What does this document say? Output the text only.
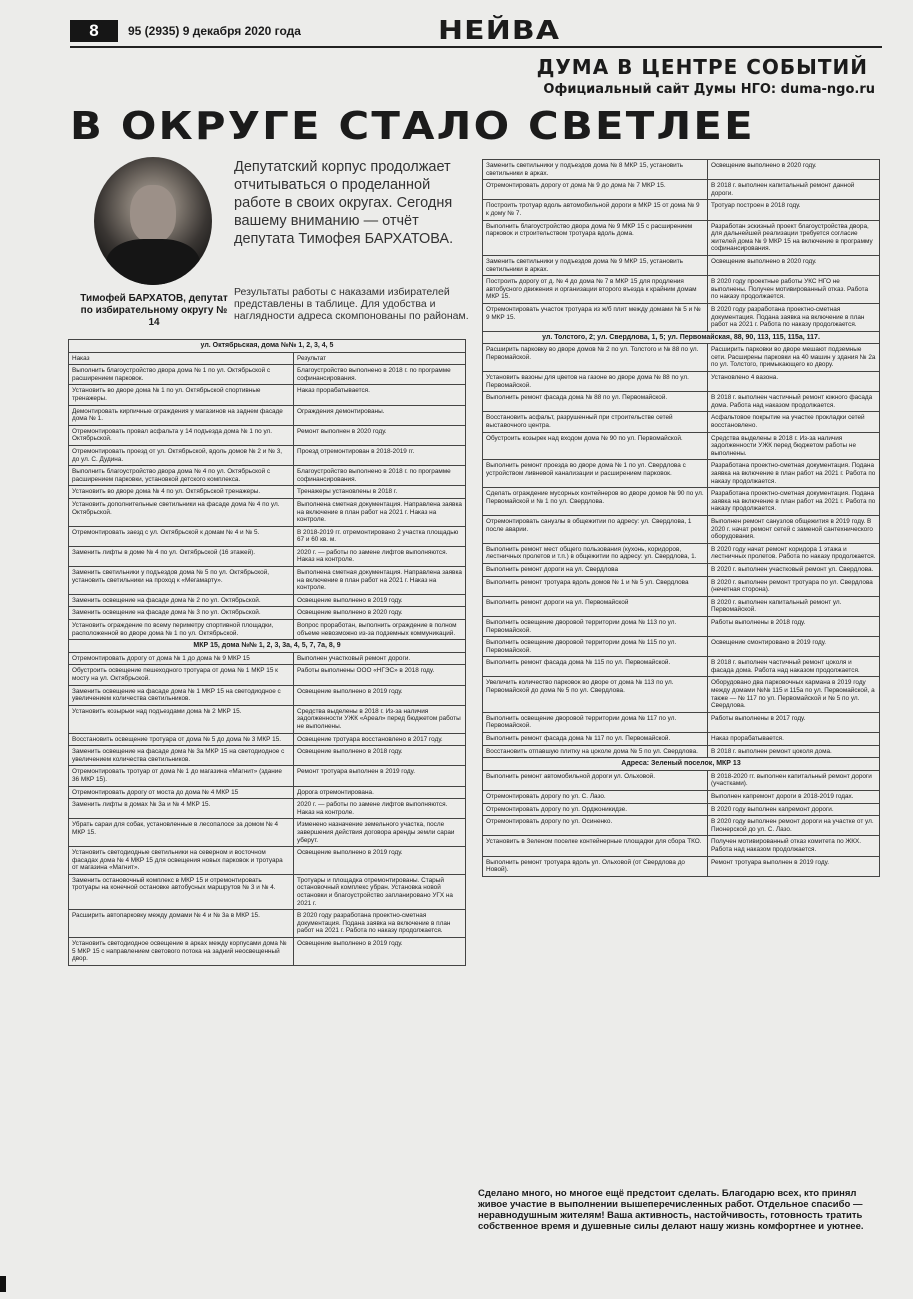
8	95 (2935) 9 декабря 2020 года	НЕЙВА
ДУМА В ЦЕНТРЕ СОБЫТИЙ
Официальный сайт Думы НГО: duma-ngo.ru
В ОКРУГЕ СТАЛО СВЕТЛЕЕ
Тимофей БАРХАТОВ, депутат по избирательному округу № 14
Депутатский корпус продолжает отчитываться о проделанной работе в своих округах. Сегодня вашему вниманию — отчёт депутата Тимофея БАРХАТОВА.
Результаты работы с наказами избирателей представлены в таблице. Для удобства и наглядности адреса скомпонованы по районам.
ул. Октябрьская, дома №№ 1, 2, 3, 4, 5	
Наказ	Результат
Выполнить благоустройство двора дома № 1 по ул. Октябрьской с расширением парковок.	Благоустройство выполнено в 2018 г. по программе софинансирования.
Установить во дворе дома № 1 по ул. Октябрьской спортивные тренажеры.	Наказ прорабатывается.
Демонтировать кирпичные ограждения у магазинов на заднем фасаде дома № 1.	Ограждения демонтированы.
Отремонтировать провал асфальта у 14 подъезда дома № 1 по ул. Октябрьской.	Ремонт выполнен в 2020 году.
Отремонтировать проезд от ул. Октябрьской, вдоль домов № 2 и № 3, до ул. С. Дудина.	Проезд отремонтирован в 2018-2019 гг.
Выполнить благоустройство двора дома № 4 по ул. Октябрьской с расширением парковки, установкой детского комплекса.	Благоустройство выполнено в 2018 г. по программе софинансирования.
Установить во дворе дома № 4 по ул. Октябрьской тренажеры.	Тренажеры установлены в 2018 г.
Установить дополнительные светильники на фасаде дома № 4 по ул. Октябрьской.	Выполнена сметная документация. Направлена заявка на включение в план работ на 2021 г. Наказ на контроле.
Отремонтировать заезд с ул. Октябрьской к домам № 4 и № 5.	В 2018-2019 гг. отремонтировано 2 участка площадью 67 и 60 кв. м.
Заменить лифты в доме № 4 по ул. Октябрьской (16 этажей).	2020 г. — работы по замене лифтов выполняются. Наказ на контроле.
Заменить светильники у подъездов дома № 5 по ул. Октябрьской, установить светильники на проход к «Мегамарту».	Выполнена сметная документация. Направлена заявка на включение в план работ на 2021 г. Наказ на контроле.
Заменить освещение на фасаде дома № 2 по ул. Октябрьской.	Освещение выполнено в 2019 году.
Заменить освещение на фасаде дома № 3 по ул. Октябрьской.	Освещение выполнено в 2020 году.
Установить ограждение по всему периметру спортивной площадки, расположенной во дворе дома № 1 по ул. Октябрьской.	Вопрос проработан, выполнить ограждение в полном объеме невозможно из-за подземных коммуникаций.
МКР 15, дома №№ 1, 2, 3, 3а, 4, 5, 7, 7а, 8, 9	
Отремонтировать дорогу от дома № 1 до дома № 9 МКР 15	Выполнен участковый ремонт дороги.
Обустроить освещение пешеходного тротуара от дома № 1 МКР 15 к мосту на ул. Октябрьской.	Работы выполнены ООО «НГЭС» в 2018 году.
Заменить освещение на фасаде дома № 1 МКР 15 на светодиодное с увеличением количества светильников.	Освещение выполнено в 2019 году.
Установить козырьки над подъездами дома № 2 МКР 15.	Средства выделены в 2018 г. Из-за наличия задолженности УЖК «Ареал» перед бюджетом работы не выполнены.
Восстановить освещение тротуара от дома № 5 до дома № 3 МКР 15.	Освещение тротуара восстановлено в 2017 году.
Заменить освещение на фасаде дома № 3а МКР 15 на светодиодное с увеличением количества светильников.	Освещение выполнено в 2018 году.
Отремонтировать тротуар от дома № 1 до магазина «Магнит» (здание 36 МКР 15).	Ремонт тротуара выполнен в 2019 году.
Отремонтировать дорогу от моста до дома № 4 МКР 15	Дорога отремонтирована.
Заменить лифты в домах № 3а и № 4 МКР 15.	2020 г. — работы по замене лифтов выполняются. Наказ на контроле.
Убрать сараи для собак, установленные в лесопалосе за домом № 4 МКР 15.	Изменено назначение земельного участка, после завершения действия договора аренды земли сараи уберут.
Установить светодиодные светильники на северном и восточном фасадах дома № 4 МКР 15 для освещения новых парковок и тротуара от магазина «Магнит».	Освещение выполнено в 2019 году.
Заменить остановочный комплекс в МКР 15 и отремонтировать тротуары на конечной остановке автобусных маршрутов № 3 и № 4.	Тротуары и площадка отремонтированы. Старый остановочный комплекс убран. Установка новой остановки и благоустройство запланировано УГХ на 2021 г.
Расширить автопарковку между домами № 4 и № 3а в МКР 15.	В 2020 году разработана проектно-сметная документация. Подана заявка на включение в план работ на 2021 г. Работа по наказу продолжается.
Установить светодиодное освещение в арках между корпусами дома № 5 МКР 15 с направлением светового потока на задний неосвещенный двор.	Освещение выполнено в 2019 году.
Заменить светильники у подъездов дома № 8 МКР 15, установить светильники в арках.	Освещение выполнено в 2020 году.
Отремонтировать дорогу от дома № 9 до дома № 7 МКР 15.	В 2018 г. выполнен капитальный ремонт данной дороги.
Построить тротуар вдоль автомобильной дороги в МКР 15 от дома № 9 к дому № 7.	Тротуар построен в 2018 году.
Выполнить благоустройство двора дома № 9 МКР 15 с расширением парковок и строительством тротуара вдоль дома.	Разработан эскизный проект благоустройства двора, для дальнейшей реализации требуется согласие жителей дома № 9 МКР 15 на включение в программу софинансирования.
Заменить светильники у подъездов дома № 9 МКР 15, установить светильники в арках.	Освещение выполнено в 2020 году.
Построить дорогу от д. № 4 до дома № 7 в МКР 15 для продления автобусного движения и организации второго въезда к крайним домам МКР 15.	В 2020 году проектные работы УКС НГО не выполнены. Получен мотивированный отказ. Работа по наказу продолжается.
Отремонтировать участок тротуара из ж/б плит между домами № 5 и № 9 МКР 15.	В 2020 году разработана проектно-сметная документация. Подана заявка на включение в план работ на 2021 г. Работа по наказу продолжается.
ул. Толстого, 2; ул. Свердлова, 1, 5; ул. Первомайская, 88, 90, 113, 115, 115а, 117.	
Расширить парковку во дворе домов № 2 по ул. Толстого и № 88 по ул. Первомайской.	Расширить парковки во дворе мешают подземные сети. Расширены парковки на 40 машин у здания № 2а по ул. Толстого, примыкающего ко двору.
Установить вазоны для цветов на газоне во дворе дома № 88 по ул. Первомайской.	Установлено 4 вазона.
Выполнить ремонт фасада дома № 88 по ул. Первомайской.	В 2018 г. выполнен частичный ремонт южного фасада дома. Работа над наказом продолжается.
Восстановить асфальт, разрушенный при строительстве сетей выставочного центра.	Асфальтовое покрытие на участке прокладки сетей восстановлено.
Обустроить козырек над входом дома № 90 по ул. Первомайской.	Средства выделены в 2018 г. Из-за наличия задолженности УЖК перед бюджетом работы не выполнены.
Выполнить ремонт проезда во дворе дома № 1 по ул. Свердлова с устройством ливневой канализации и расширением парковок.	Разработана проектно-сметная документация. Подана заявка на включение в план работ на 2021 г. Работа по наказу продолжается.
Сделать ограждение мусорных контейнеров во дворе домов № 90 по ул. Первомайской и № 1 по ул. Свердлова.	Разработана проектно-сметная документация. Подана заявка на включение в план работ на 2021 г. Работа по наказу продолжается.
Отремонтировать санузлы в общежитии по адресу: ул. Свердлова, 1 после аварии.	Выполнен ремонт санузлов общежития в 2019 году. В 2020 г. начат ремонт сетей с заменой сантехнического оборудования.
Выполнить ремонт мест общего пользования (кухонь, коридоров, лестничных пролетов и т.п.) в общежитии по адресу: ул. Свердлова, 1.	В 2020 году начат ремонт коридора 1 этажа и лестничных пролетов. Работа по наказу продолжается.
Выполнить ремонт дороги на ул. Свердлова	В 2020 г. выполнен участковый ремонт ул. Свердлова.
Выполнить ремонт тротуара вдоль домов № 1 и № 5 ул. Свердлова	В 2020 г. выполнен ремонт тротуара по ул. Свердлова (нечетная сторона).
Выполнить ремонт дороги на ул. Первомайской	В 2020 г. выполнен капитальный ремонт ул. Первомайской.
Выполнить освещение дворовой территории дома № 113 по ул. Первомайской.	Работы выполнены в 2018 году.
Выполнить освещение дворовой территории дома № 115 по ул. Первомайской.	Освещение смонтировано в 2019 году.
Выполнить ремонт фасада дома № 115 по ул. Первомайской.	В 2018 г. выполнен частичный ремонт цоколя и фасада дома. Работа над наказом продолжается.
Увеличить количество парковок во дворе от дома № 113 по ул. Первомайской до дома № 5 по ул. Свердлова.	Оборудовано два парковочных кармана в 2019 году между домами №№ 115 и 115а по ул. Первомайской, а также — № 117 по ул. Первомайской и № 5 по ул. Свердлова.
Выполнить освещение дворовой территории дома № 117 по ул. Первомайской.	Работы выполнены в 2017 году.
Выполнить ремонт фасада дома № 117 по ул. Первомайской.	Наказ прорабатывается.
Восстановить отпавшую плитку на цоколе дома № 5 по ул. Свердлова.	В 2018 г. выполнен ремонт цоколя дома.
Адреса: Зеленый поселок, МКР 13	
Выполнить ремонт автомобильной дороги ул. Ольховой.	В 2018-2020 гг. выполнен капитальный ремонт дороги (участками).
Отремонтировать дорогу по ул. С. Лазо.	Выполнен капремонт дороги в 2018-2019 годах.
Отремонтировать дорогу по ул. Орджоникидзе.	В 2020 году выполнен капремонт дороги.
Отремонтировать дорогу по ул. Осиненко.	В 2020 году выполнен ремонт дороги на участке от ул. Пионерской до ул. С. Лазо.
Установить в Зеленом поселке контейнерные площадки для сбора ТКО.	Получен мотивированный отказ комитета по ЖКХ. Работа над наказом продолжается.
Выполнить ремонт тротуара вдоль ул. Ольховой (от Свердлова до Новой).	Ремонт тротуара выполнен в 2019 году.
Сделано много, но многое ещё предстоит сделать. Благодарю всех, кто принял живое участие в выполнении вышеперечисленных работ. Отдельное спасибо — неравнодушным жителям! Ваша активность, настойчивость, готовность тратить собственное время и душевные силы делают нашу жизнь комфортнее и уютнее.
